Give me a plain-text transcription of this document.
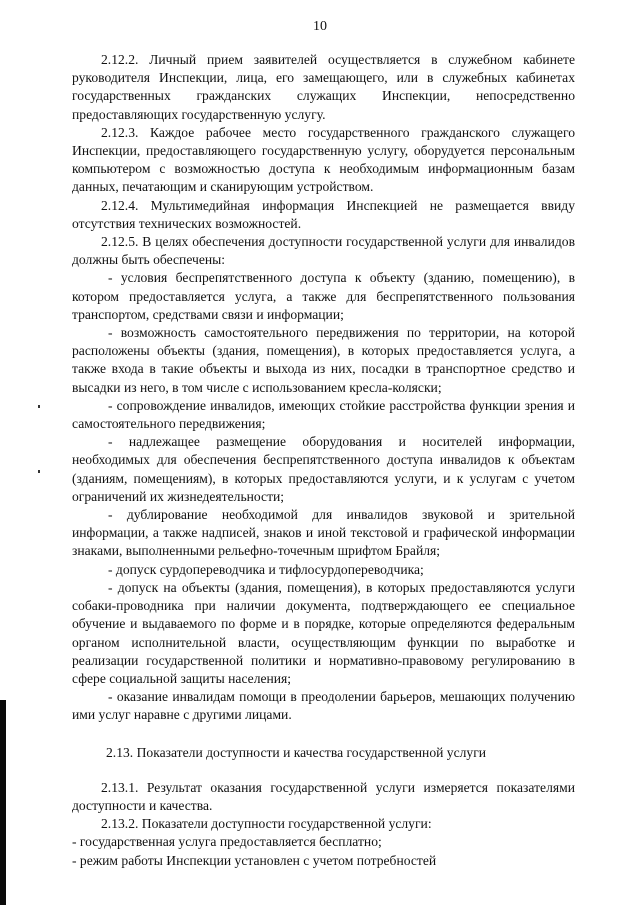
10

2.12.2. Личный прием заявителей осуществляется в служебном кабинете руководителя Инспекции, лица, его замещающего, или в служебных кабинетах государственных гражданских служащих Инспекции, непосредственно предоставляющих государственную услугу.

2.12.3. Каждое рабочее место государственного гражданского служащего Инспекции, предоставляющего государственную услугу, оборудуется персональным компьютером с возможностью доступа к необходимым информационным базам данных, печатающим и сканирующим устройством.

2.12.4. Мультимедийная информация Инспекцией не размещается ввиду отсутствия технических возможностей.

2.12.5. В целях обеспечения доступности государственной услуги для инвалидов должны быть обеспечены:

- условия беспрепятственного доступа к объекту (зданию, помещению), в котором предоставляется услуга, а также для беспрепятственного пользования транспортом, средствами связи и информации;

- возможность самостоятельного передвижения по территории, на которой расположены объекты (здания, помещения), в которых предоставляется услуга, а также входа в такие объекты и выхода из них, посадки в транспортное средство и высадки из него, в том числе с использованием кресла-коляски;

- сопровождение инвалидов, имеющих стойкие расстройства функции зрения и самостоятельного передвижения;

- надлежащее размещение оборудования и носителей информации, необходимых для обеспечения беспрепятственного доступа инвалидов к объектам (зданиям, помещениям), в которых предоставляются услуги, и к услугам с учетом ограничений их жизнедеятельности;

- дублирование необходимой для инвалидов звуковой и зрительной информации, а также надписей, знаков и иной текстовой и графической информации знаками, выполненными рельефно-точечным шрифтом Брайля;

- допуск сурдопереводчика и тифлосурдопереводчика;

- допуск на объекты (здания, помещения), в которых предоставляются услуги собаки-проводника при наличии документа, подтверждающего ее специальное обучение и выдаваемого по форме и в порядке, которые определяются федеральным органом исполнительной власти, осуществляющим функции по выработке и реализации государственной политики и нормативно-правовому регулированию в сфере социальной защиты населения;

- оказание инвалидам помощи в преодолении барьеров, мешающих получению ими услуг наравне с другими лицами.

2.13. Показатели доступности и качества государственной услуги

2.13.1. Результат оказания государственной услуги измеряется показателями доступности и качества.

2.13.2. Показатели доступности государственной услуги:

- государственная услуга предоставляется бесплатно;

- режим работы Инспекции установлен с учетом потребностей
